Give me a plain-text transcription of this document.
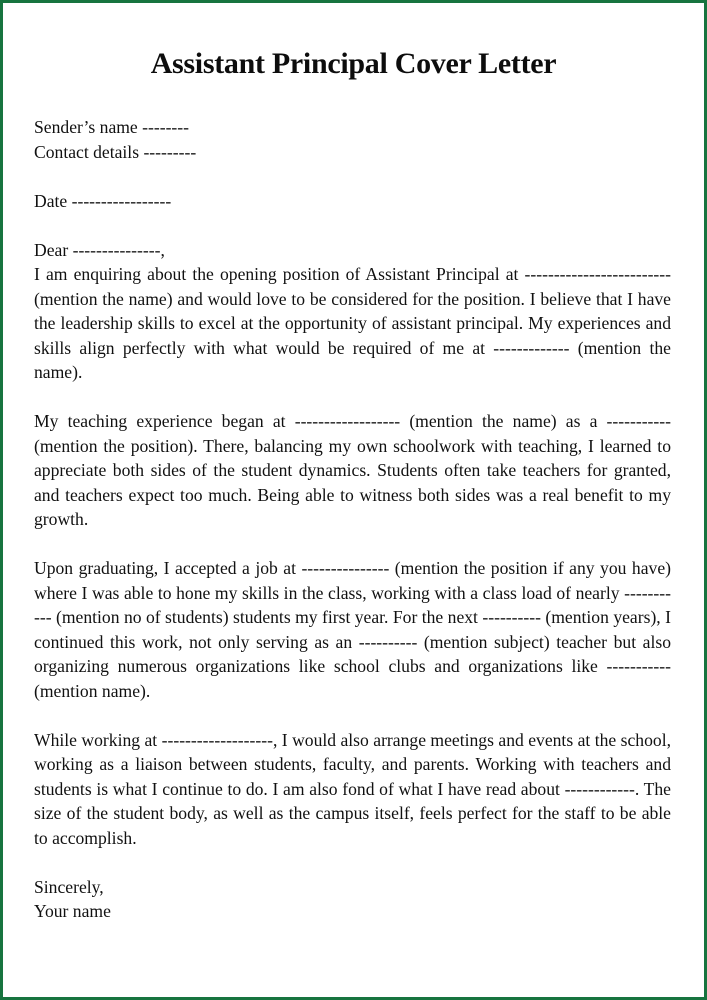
Assistant Principal Cover Letter
Sender’s name --------
Contact details ---------
Date -----------------
Dear ---------------,

I am enquiring about the opening position of Assistant Principal at ------------------------- (mention the name) and would love to be considered for the position. I believe that I have the leadership skills to excel at the opportunity of assistant principal. My experiences and skills align perfectly with what would be required of me at ------------- (mention the name).

My teaching experience began at ------------------ (mention the name) as a ----------- (mention the position). There, balancing my own schoolwork with teaching, I learned to appreciate both sides of the student dynamics. Students often take teachers for granted, and teachers expect too much. Being able to witness both sides was a real benefit to my growth.

Upon graduating, I accepted a job at --------------- (mention the position if any you have) where I was able to hone my skills in the class, working with a class load of nearly ----------- (mention no of students) students my first year. For the next ---------- (mention years), I continued this work, not only serving as an ---------- (mention subject) teacher but also organizing numerous organizations like school clubs and organizations like ----------- (mention name).

While working at -------------------, I would also arrange meetings and events at the school, working as a liaison between students, faculty, and parents. Working with teachers and students is what I continue to do. I am also fond of what I have read about ------------. The size of the student body, as well as the campus itself, feels perfect for the staff to be able to accomplish.

Sincerely,
Your name
